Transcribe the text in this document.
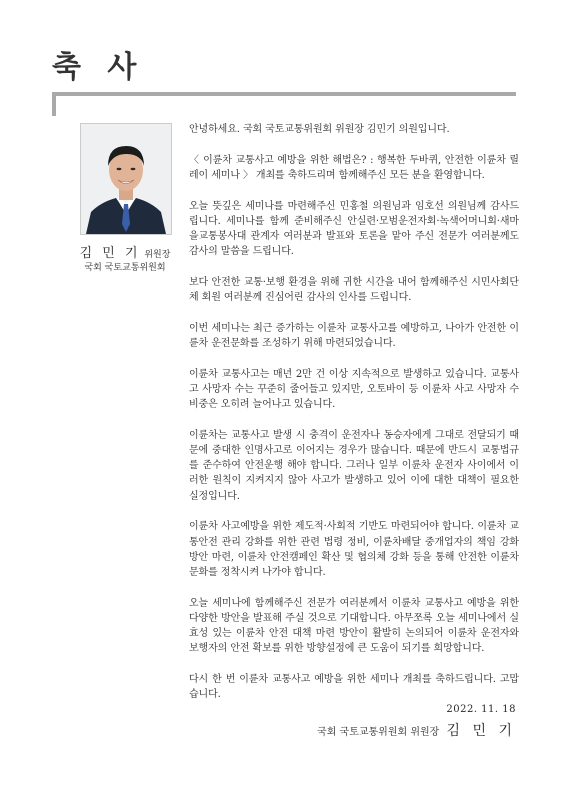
축 사

김 민 기 위원장

국회 국토교통위원회

안녕하세요. 국회 국토교통위원회 위원장 김민기 의원입니다.

〈 이륜차 교통사고 예방을 위한 해법은? : 행복한 두바퀴, 안전한 이륜차 릴레이 세미나 〉 개최를 축하드리며 함께해주신 모든 분을 환영합니다.

오늘 뜻깊은 세미나를 마련해주신 민홍철 의원님과 임호선 의원님께 감사드립니다. 세미나를 함께 준비해주신 안실련·모범운전자회·녹색어머니회·새마을교통봉사대 관계자 여러분과 발표와 토론을 맡아 주신 전문가 여러분께도 감사의 말씀을 드립니다.

보다 안전한 교통·보행 환경을 위해 귀한 시간을 내어 함께해주신 시민사회단체 회원 여러분께 진심어린 감사의 인사를 드립니다.

이번 세미나는 최근 증가하는 이륜차 교통사고를 예방하고, 나아가 안전한 이륜차 운전문화를 조성하기 위해 마련되었습니다.

이륜차 교통사고는 매년 2만 건 이상 지속적으로 발생하고 있습니다. 교통사고 사망자 수는 꾸준히 줄어들고 있지만, 오토바이 등 이륜차 사고 사망자 수 비중은 오히려 늘어나고 있습니다.

이륜차는 교통사고 발생 시 충격이 운전자나 동승자에게 그대로 전달되기 때문에 중대한 인명사고로 이어지는 경우가 많습니다. 때문에 반드시 교통법규를 준수하여 안전운행 해야 합니다. 그러나 일부 이륜차 운전자 사이에서 이러한 원칙이 지켜지지 않아 사고가 발생하고 있어 이에 대한 대책이 필요한 실정입니다.

이륜차 사고예방을 위한 제도적·사회적 기반도 마련되어야 합니다. 이륜차 교통안전 관리 강화를 위한 관련 법령 정비, 이륜차배달 중개업자의 책임 강화 방안 마련, 이륜차 안전캠페인 확산 및 협의체 강화 등을 통해 안전한 이륜차 문화를 정착시켜 나가야 합니다.

오늘 세미나에 함께해주신 전문가 여러분께서 이륜차 교통사고 예방을 위한 다양한 방안을 발표해 주실 것으로 기대합니다. 아무쪼록 오늘 세미나에서 실효성 있는 이륜차 안전 대책 마련 방안이 활발히 논의되어 이륜차 운전자와 보행자의 안전 확보를 위한 방향설정에 큰 도움이 되기를 희망합니다.

다시 한 번 이륜차 교통사고 예방을 위한 세미나 개최를 축하드립니다. 고맙습니다.

2022. 11. 18

국회 국토교통위원회 위원장 김 민 기
